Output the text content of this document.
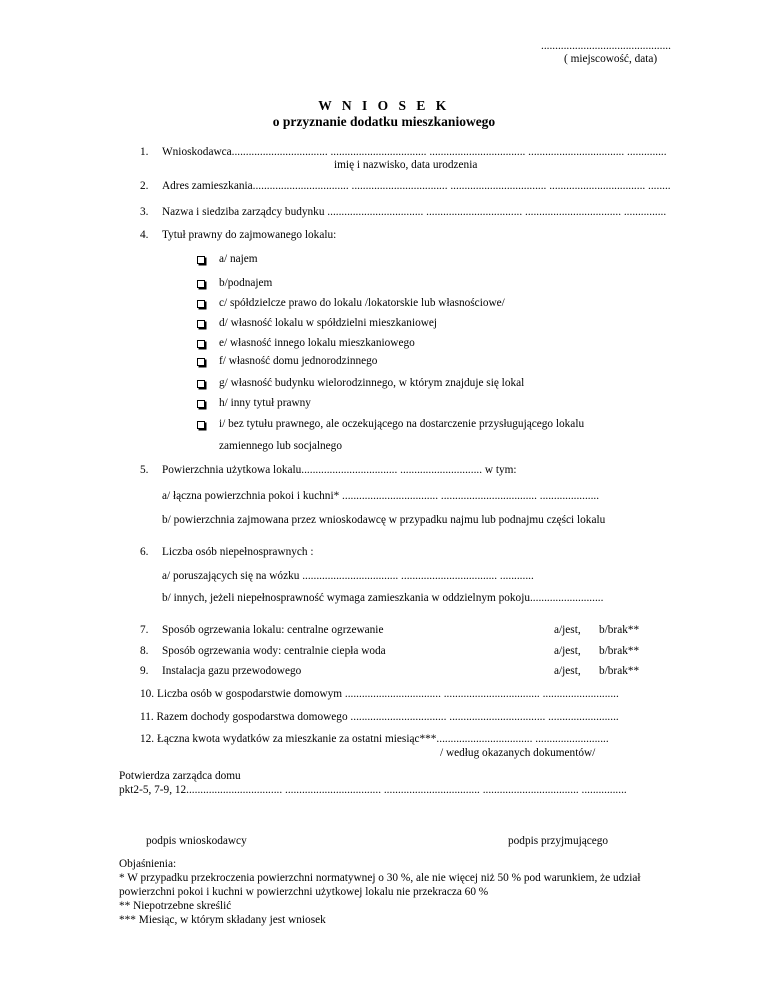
..............................................
( miejscowość, data)
W N I O S E K
o przyznanie dodatku mieszkaniowego
1. Wnioskodawca.................................. .................................. .................................. .................................. ..............
imię i nazwisko, data urodzenia
2. Adres zamieszkania.................................. .................................. .................................. .................................. ........
3. Nazwa i siedziba zarządcy budynku .................................. .................................. .................................. ...............
4. Tytuł prawny do zajmowanego lokalu:
a/ najem
b/podnajem
c/ spółdzielcze prawo do lokalu /lokatorskie lub własnościowe/
d/ własność lokalu w spółdzielni mieszkaniowej
e/ własność innego lokalu mieszkaniowego
f/ własność domu jednorodzinnego
g/ własność budynku wielorodzinnego, w którym znajduje się lokal
h/ inny tytuł prawny
i/ bez tytułu prawnego, ale oczekującego na dostarczenie przysługującego lokalu
zamiennego lub socjalnego
5. Powierzchnia użytkowa lokalu.................................. ............................. w tym:
a/ łączna powierzchnia pokoi i kuchni* .................................. .................................. .....................
b/ powierzchnia zajmowana przez wnioskodawcę w przypadku najmu lub podnajmu części lokalu
6. Liczba osób niepełnosprawnych :
a/ poruszających się na wózku .................................. .................................. ............
b/ innych, jeżeli niepełnosprawność wymaga zamieszkania w oddzielnym pokoju..........................
7. Sposób ogrzewania lokalu: centralne ogrzewanie	a/jest, b/brak**
8. Sposób ogrzewania wody: centralnie ciepła woda	a/jest, b/brak**
9. Instalacja gazu przewodowego	a/jest, b/brak**
10. Liczba osób w gospodarstwie domowym .................................. .................................. ...........................
11. Razem dochody gospodarstwa domowego .................................. .................................. .........................
12. Łączna kwota wydatków za mieszkanie za ostatni miesiąc***.................................. ..........................
/ według okazanych dokumentów/
Potwierdza zarządca domu
pkt2-5, 7-9, 12.................................. .................................. .................................. .................................. ................
podpis wnioskodawcy	podpis przyjmującego
Objaśnienia:
* W przypadku przekroczenia powierzchni normatywnej o 30 %, ale nie więcej niż 50 % pod warunkiem, że udział
powierzchni pokoi i kuchni w powierzchni użytkowej lokalu nie przekracza 60 %
** Niepotrzebne skreślić
*** Miesiąc, w którym składany jest wniosek
